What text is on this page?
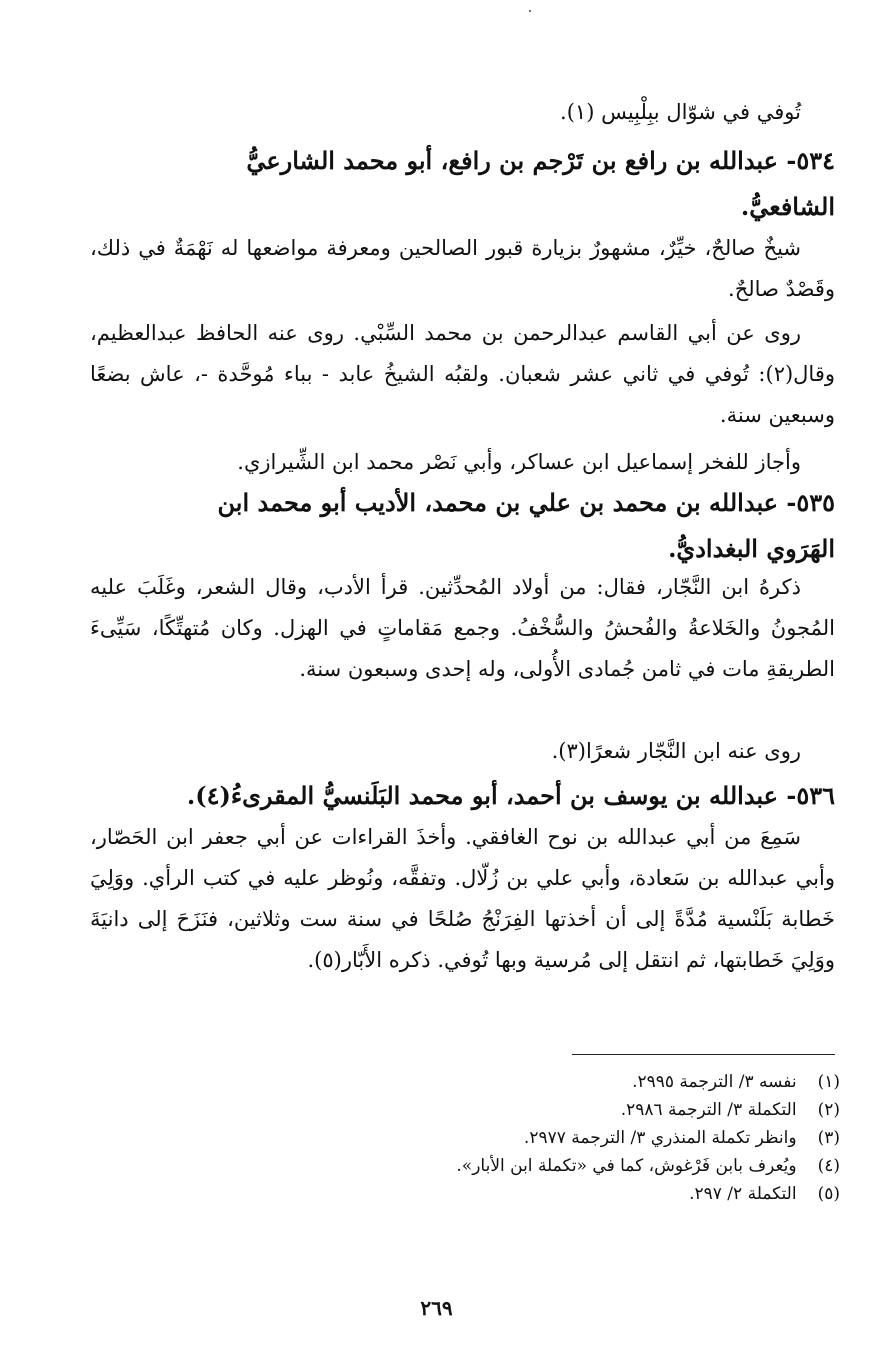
تُوفي في شوّال ببِلْبِيس (١).

٥٣٤- عبدالله بن رافع بن تَرْجم بن رافع، أبو محمد الشارعيُّ
الشافعيُّ.

شيخٌ صالحٌ، خيِّرٌ، مشهورٌ بزيارة قبور الصالحين ومعرفة مواضعها له نَهْمَةٌ في ذلك، وقَصْدٌ صالحٌ.

روى عن أبي القاسم عبدالرحمن بن محمد السِّبْي. روى عنه الحافظ عبدالعظيم، وقال(٢): تُوفي في ثاني عشر شعبان. ولقبُه الشيخُ عابد - بباء مُوحَّدة -، عاش بضعًا وسبعين سنة.

وأجاز للفخر إسماعيل ابن عساكر، وأبي نَصْر محمد ابن الشِّيرازي.

٥٣٥- عبدالله بن محمد بن علي بن محمد، الأديب أبو محمد ابن
الهَرَوي البغداديُّ.

ذكرهُ ابن النَّجّار، فقال: من أولاد المُحدِّثين. قرأ الأدب، وقال الشعر، وغَلَبَ عليه المُجونُ والخَلاعةُ والفُحشُ والسُّخْفُ. وجمع مَقاماتٍ في الهزل. وكان مُتهتِّكًا، سَيِّىءَ الطريقةِ مات في ثامن جُمادى الأُولى، وله إحدى وسبعون سنة.

روى عنه ابن النَّجّار شعرًا(٣).

٥٣٦- عبدالله بن يوسف بن أحمد، أبو محمد البَلَنسيُّ المقرىءُ(٤).

سَمِعَ من أبي عبدالله بن نوح الغافقي. وأخذَ القراءات عن أبي جعفر ابن الحَصّار، وأبي عبدالله بن سَعادة، وأبي علي بن زُلّال. وتفقَّه، ونُوظر عليه في كتب الرأي. ووَلِيَ خَطابة بَلَنْسية مُدَّةً إلى أن أخذتها الفِرَنْجُ صُلحًا في سنة ست وثلاثين، فنَزَحَ إلى دانيَةَ ووَلِيَ خَطابتها، ثم انتقل إلى مُرسية وبها تُوفي. ذكره الأَبّار(٥).

(١) نفسه ٣/ الترجمة ٢٩٩٥.

(٢) التكملة ٣/ الترجمة ٢٩٨٦.

(٣) وانظر تكملة المنذري ٣/ الترجمة ٢٩٧٧.

(٤) ويُعرف بابن فَرْغوش، كما في «تكملة ابن الأبار».

(٥) التكملة ٢/ ٢٩٧.

٢٦٩
